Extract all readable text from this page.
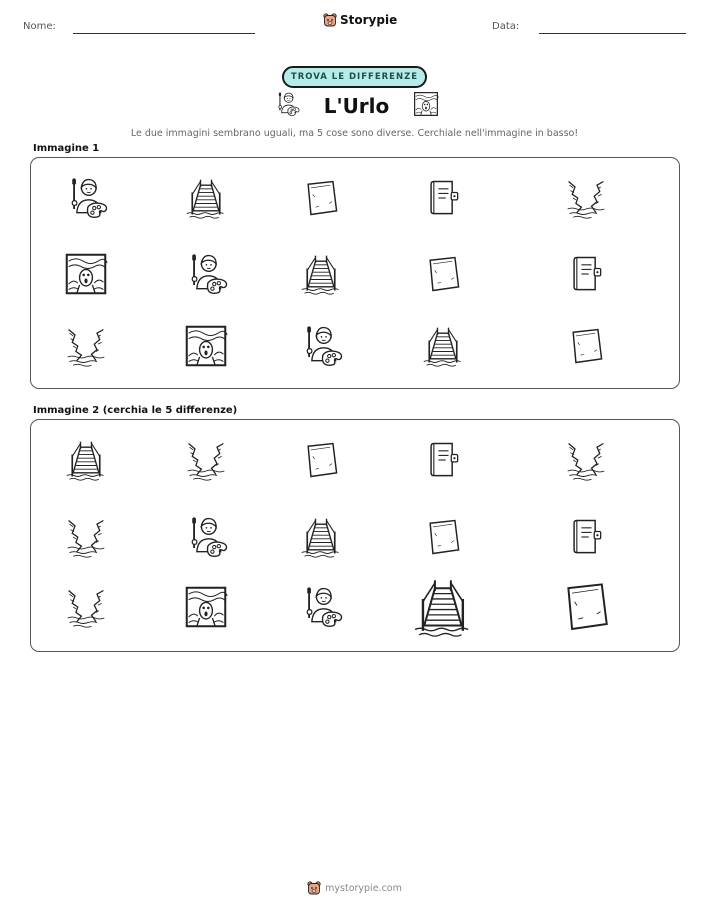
Nome:	Storypie	Data:
TROVA LE DIFFERENZE
L'Urlo
Le due immagini sembrano uguali, ma 5 cose sono diverse. Cerchiale nell'immagine in basso!
Immagine 1
Immagine 2 (cerchia le 5 differenze)
mystorypie.com
